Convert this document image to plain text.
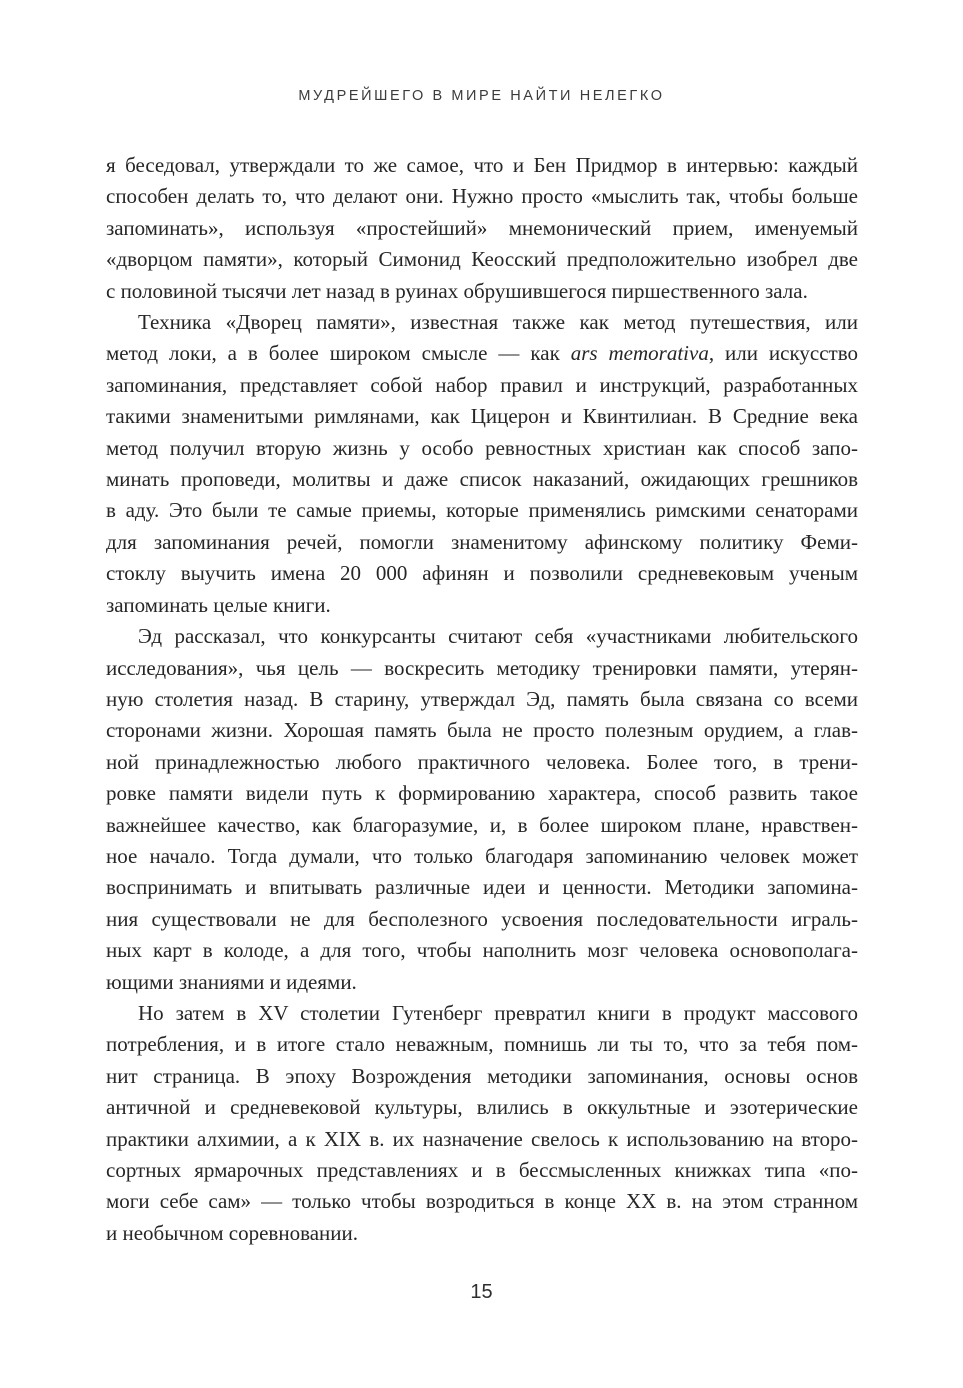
МУДРЕЙШЕГО В МИРЕ НАЙТИ НЕЛЕГКО
я беседовал, утверждали то же самое, что и Бен Придмор в интервью: каждый
способен делать то, что делают они. Нужно просто «мыслить так, чтобы больше
запоминать», используя «простейший» мнемонический прием, именуемый
«дворцом памяти», который Симонид Кеосский предположительно изобрел две
с половиной тысячи лет назад в руинах обрушившегося пиршественного зала.
Техника «Дворец памяти», известная также как метод путешествия, или
метод локи, а в более широком смысле — как ars memorativa, или искусство
запоминания, представляет собой набор правил и инструкций, разработанных
такими знаменитыми римлянами, как Цицерон и Квинтилиан. В Средние века
метод получил вторую жизнь у особо ревностных христиан как способ запо-
минать проповеди, молитвы и даже список наказаний, ожидающих грешников
в аду. Это были те самые приемы, которые применялись римскими сенаторами
для запоминания речей, помогли знаменитому афинскому политику Феми-
стоклу выучить имена 20 000 афинян и позволили средневековым ученым
запоминать целые книги.
Эд рассказал, что конкурсанты считают себя «участниками любительского
исследования», чья цель — воскресить методику тренировки памяти, утерян-
ную столетия назад. В старину, утверждал Эд, память была связана со всеми
сторонами жизни. Хорошая память была не просто полезным орудием, а глав-
ной принадлежностью любого практичного человека. Более того, в трени-
ровке памяти видели путь к формированию характера, способ развить такое
важнейшее качество, как благоразумие, и, в более широком плане, нравствен-
ное начало. Тогда думали, что только благодаря запоминанию человек может
воспринимать и впитывать различные идеи и ценности. Методики запомина-
ния существовали не для бесполезного усвоения последовательности играль-
ных карт в колоде, а для того, чтобы наполнить мозг человека основополага-
ющими знаниями и идеями.
Но затем в XV столетии Гутенберг превратил книги в продукт массового
потребления, и в итоге стало неважным, помнишь ли ты то, что за тебя пом-
нит страница. В эпоху Возрождения методики запоминания, основы основ
античной и средневековой культуры, влились в оккультные и эзотерические
практики алхимии, а к XIX в. их назначение свелось к использованию на второ-
сортных ярмарочных представлениях и в бессмысленных книжках типа «по-
моги себе сам» — только чтобы возродиться в конце XX в. на этом странном
и необычном соревновании.
15
